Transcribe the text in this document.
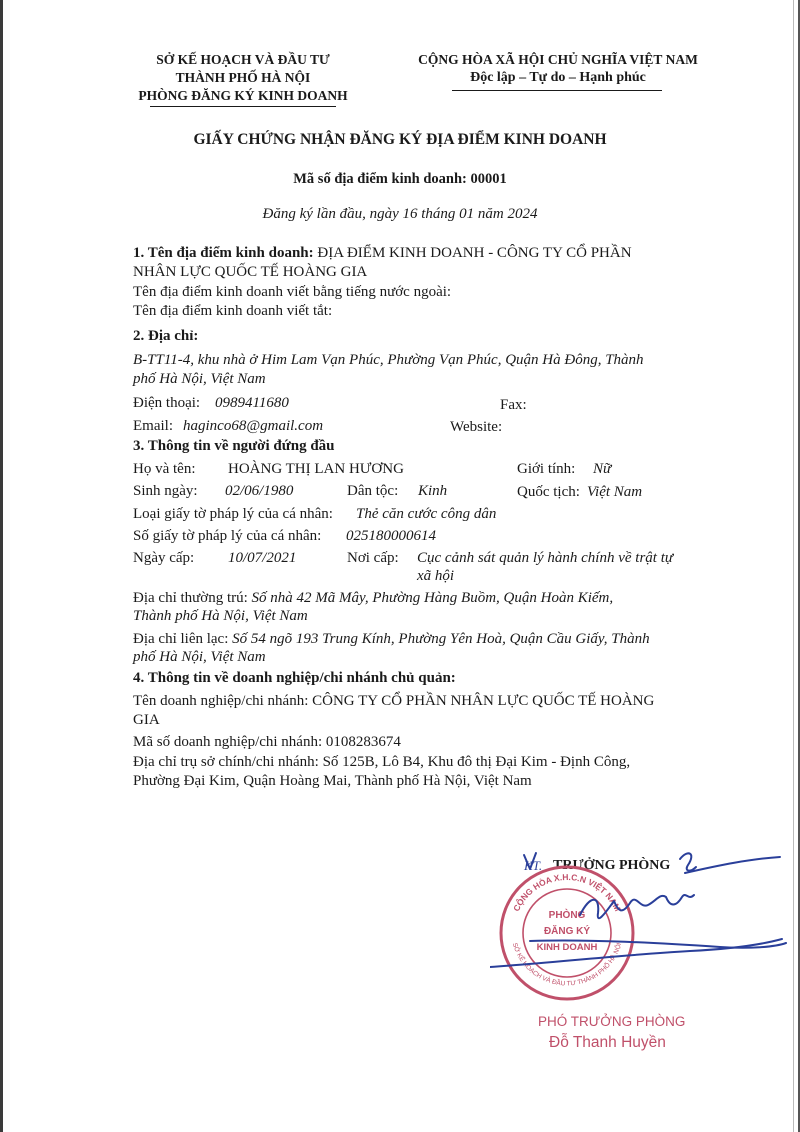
SỞ KẾ HOẠCH VÀ ĐẦU TƯ
THÀNH PHỐ HÀ NỘI
PHÒNG ĐĂNG KÝ KINH DOANH
CỘNG HÒA XÃ HỘI CHỦ NGHĨA VIỆT NAM
Độc lập – Tự do – Hạnh phúc
GIẤY CHỨNG NHẬN ĐĂNG KÝ ĐỊA ĐIỂM KINH DOANH
Mã số địa điểm kinh doanh: 00001
Đăng ký lần đầu, ngày 16 tháng 01 năm 2024
1. Tên địa điểm kinh doanh: ĐỊA ĐIỂM KINH DOANH - CÔNG TY CỔ PHẦN
NHÂN LỰC QUỐC TẾ HOÀNG GIA
Tên địa điểm kinh doanh viết bằng tiếng nước ngoài:
Tên địa điểm kinh doanh viết tắt:
2. Địa chỉ:
B-TT11-4, khu nhà ở Him Lam Vạn Phúc, Phường Vạn Phúc, Quận Hà Đông, Thành
phố Hà Nội, Việt Nam
Điện thoại: 0989411680	Fax:
Email: haginco68@gmail.com	Website:
3. Thông tin về người đứng đầu
Họ và tên: HOÀNG THỊ LAN HƯƠNG	Giới tính: Nữ
Sinh ngày: 02/06/1980	Dân tộc: Kinh	Quốc tịch: Việt Nam
Loại giấy tờ pháp lý của cá nhân: Thẻ căn cước công dân
Số giấy tờ pháp lý của cá nhân: 025180000614
Ngày cấp: 10/07/2021	Nơi cấp: Cục cảnh sát quản lý hành chính về trật tự
xã hội
Địa chỉ thường trú: Số nhà 42 Mã Mây, Phường Hàng Buồm, Quận Hoàn Kiếm,
Thành phố Hà Nội, Việt Nam
Địa chỉ liên lạc: Số 54 ngõ 193 Trung Kính, Phường Yên Hoà, Quận Cầu Giấy, Thành
phố Hà Nội, Việt Nam
4. Thông tin về doanh nghiệp/chi nhánh chủ quản:
Tên doanh nghiệp/chi nhánh: CÔNG TY CỔ PHẦN NHÂN LỰC QUỐC TẾ HOÀNG
GIA
Mã số doanh nghiệp/chi nhánh: 0108283674
Địa chỉ trụ sở chính/chi nhánh: Số 125B, Lô B4, Khu đô thị Đại Kim - Định Công,
Phường Đại Kim, Quận Hoàng Mai, Thành phố Hà Nội, Việt Nam
KT. TRƯỞNG PHÒNG
CỘNG HÒA X.H.C.N VIỆT NAM
SỞ KẾ HOẠCH VÀ ĐẦU TƯ THÀNH PHỐ HÀ NỘI
PHÒNG
ĐĂNG KÝ
KINH DOANH
PHÓ TRƯỞNG PHÒNG
Đỗ Thanh Huyền
